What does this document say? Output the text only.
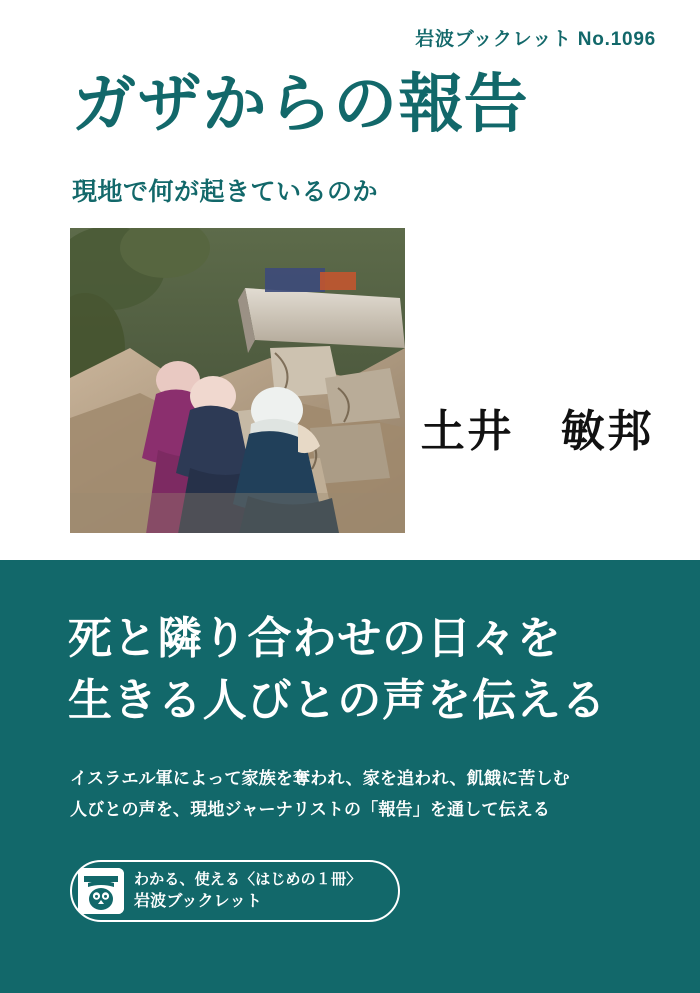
岩波ブックレット No.1096
ガザからの報告
現地で何が起きているのか
土井　敏邦
死と隣り合わせの日々を
生きる人びとの声を伝える
イスラエル軍によって家族を奪われ、家を追われ、飢餓に苦しむ
人びとの声を、現地ジャーナリストの「報告」を通して伝える
わかる、使える〈はじめの１冊〉
岩波ブックレット
